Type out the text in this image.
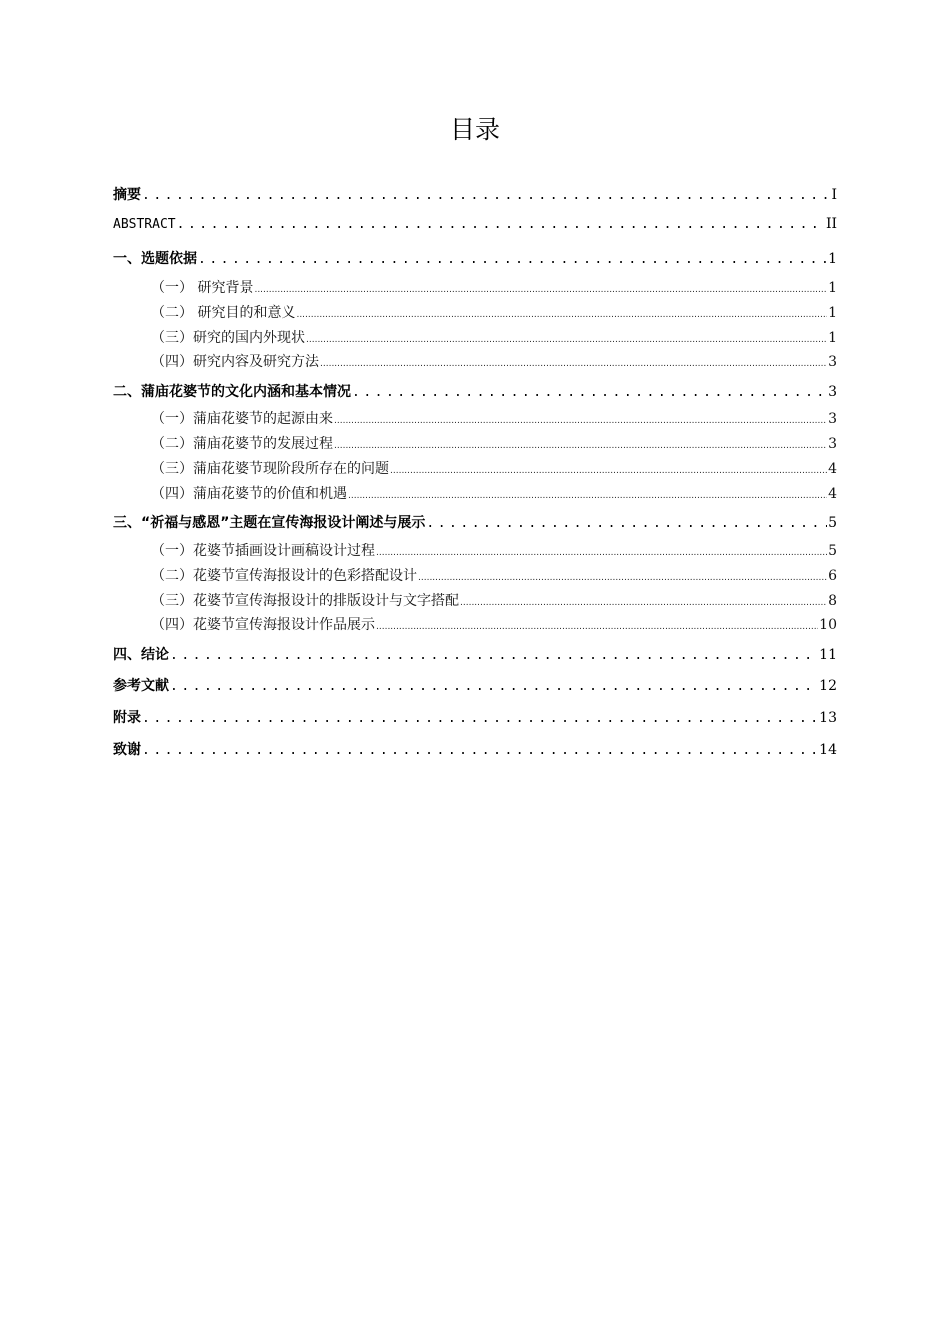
目录
摘要 .....	I
ABSTRACT .....	II
一、选题依据 .....	1
（一） 研究背景 .....	1
（二） 研究目的和意义 .....	1
（三）研究的国内外现状 .....	1
（四）研究内容及研究方法 .....	3
二、蒲庙花婆节的文化内涵和基本情况 .....	3
（一）蒲庙花婆节的起源由来 .....	3
（二）蒲庙花婆节的发展过程 .....	3
（三）蒲庙花婆节现阶段所存在的问题 .....	4
（四）蒲庙花婆节的价值和机遇 .....	4
三、“祈福与感恩”主题在宣传海报设计阐述与展示 .....	5
（一）花婆节插画设计画稿设计过程 .....	5
（二）花婆节宣传海报设计的色彩搭配设计 .....	6
（三）花婆节宣传海报设计的排版设计与文字搭配 .....	8
（四）花婆节宣传海报设计作品展示 .....	10
四、结论 .....	11
参考文献 .....	12
附录 .....	13
致谢 .....	14
